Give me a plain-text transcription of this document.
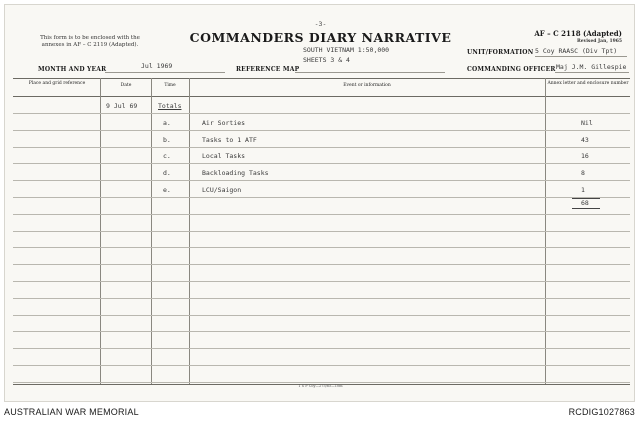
This form is to be enclosed with the annexes in AF – C 2119 (Adapted).
-3-
COMMANDERS DIARY NARRATIVE	AF – C 2118 (Adapted)
Revised Jan, 1965
SOUTH VIETNAM 1:50,000
SHEETS 3 & 4
UNIT/FORMATION 5 Coy RAASC (Div Tpt)
MONTH AND YEAR	Jul 1969	REFERENCE MAP	COMMANDING OFFICER Maj J.M. Gillespie
Place and grid reference	Date	Time	Event or information	Annex letter and enclosure number
9 Jul 69	Totals
a.	Air Sorties	Nil
b.	Tasks to 1 ATF	43
c.	Local Tasks	16
d.	Backloading Tasks	8
e.	LCU/Saigon	1
68
1 S P Coy—275/65—10m
AUSTRALIAN WAR MEMORIAL	RCDIG1027863
